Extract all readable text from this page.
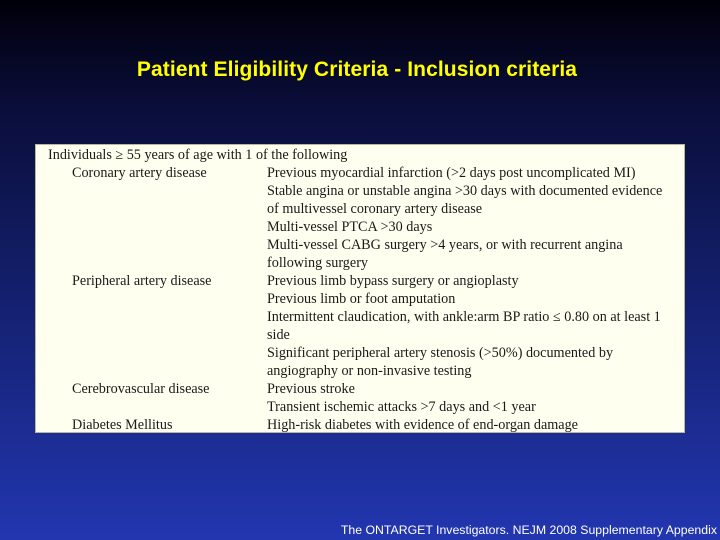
Patient Eligibility Criteria - Inclusion criteria
Individuals ≥ 55 years of age with 1 of the following
Coronary artery disease	Previous myocardial infarction (>2 days post uncomplicated MI)
Stable angina or unstable angina >30 days with documented evidence of multivessel coronary artery disease
Multi-vessel PTCA >30 days
Multi-vessel CABG surgery >4 years, or with recurrent angina following surgery
Peripheral artery disease	Previous limb bypass surgery or angioplasty
Previous limb or foot amputation
Intermittent claudication, with ankle:arm BP ratio ≤ 0.80 on at least 1 side
Significant peripheral artery stenosis (>50%) documented by angiography or non-invasive testing
Cerebrovascular disease	Previous stroke
Transient ischemic attacks >7 days and <1 year
Diabetes Mellitus	High-risk diabetes with evidence of end-organ damage
The ONTARGET Investigators. NEJM 2008 Supplementary Appendix
